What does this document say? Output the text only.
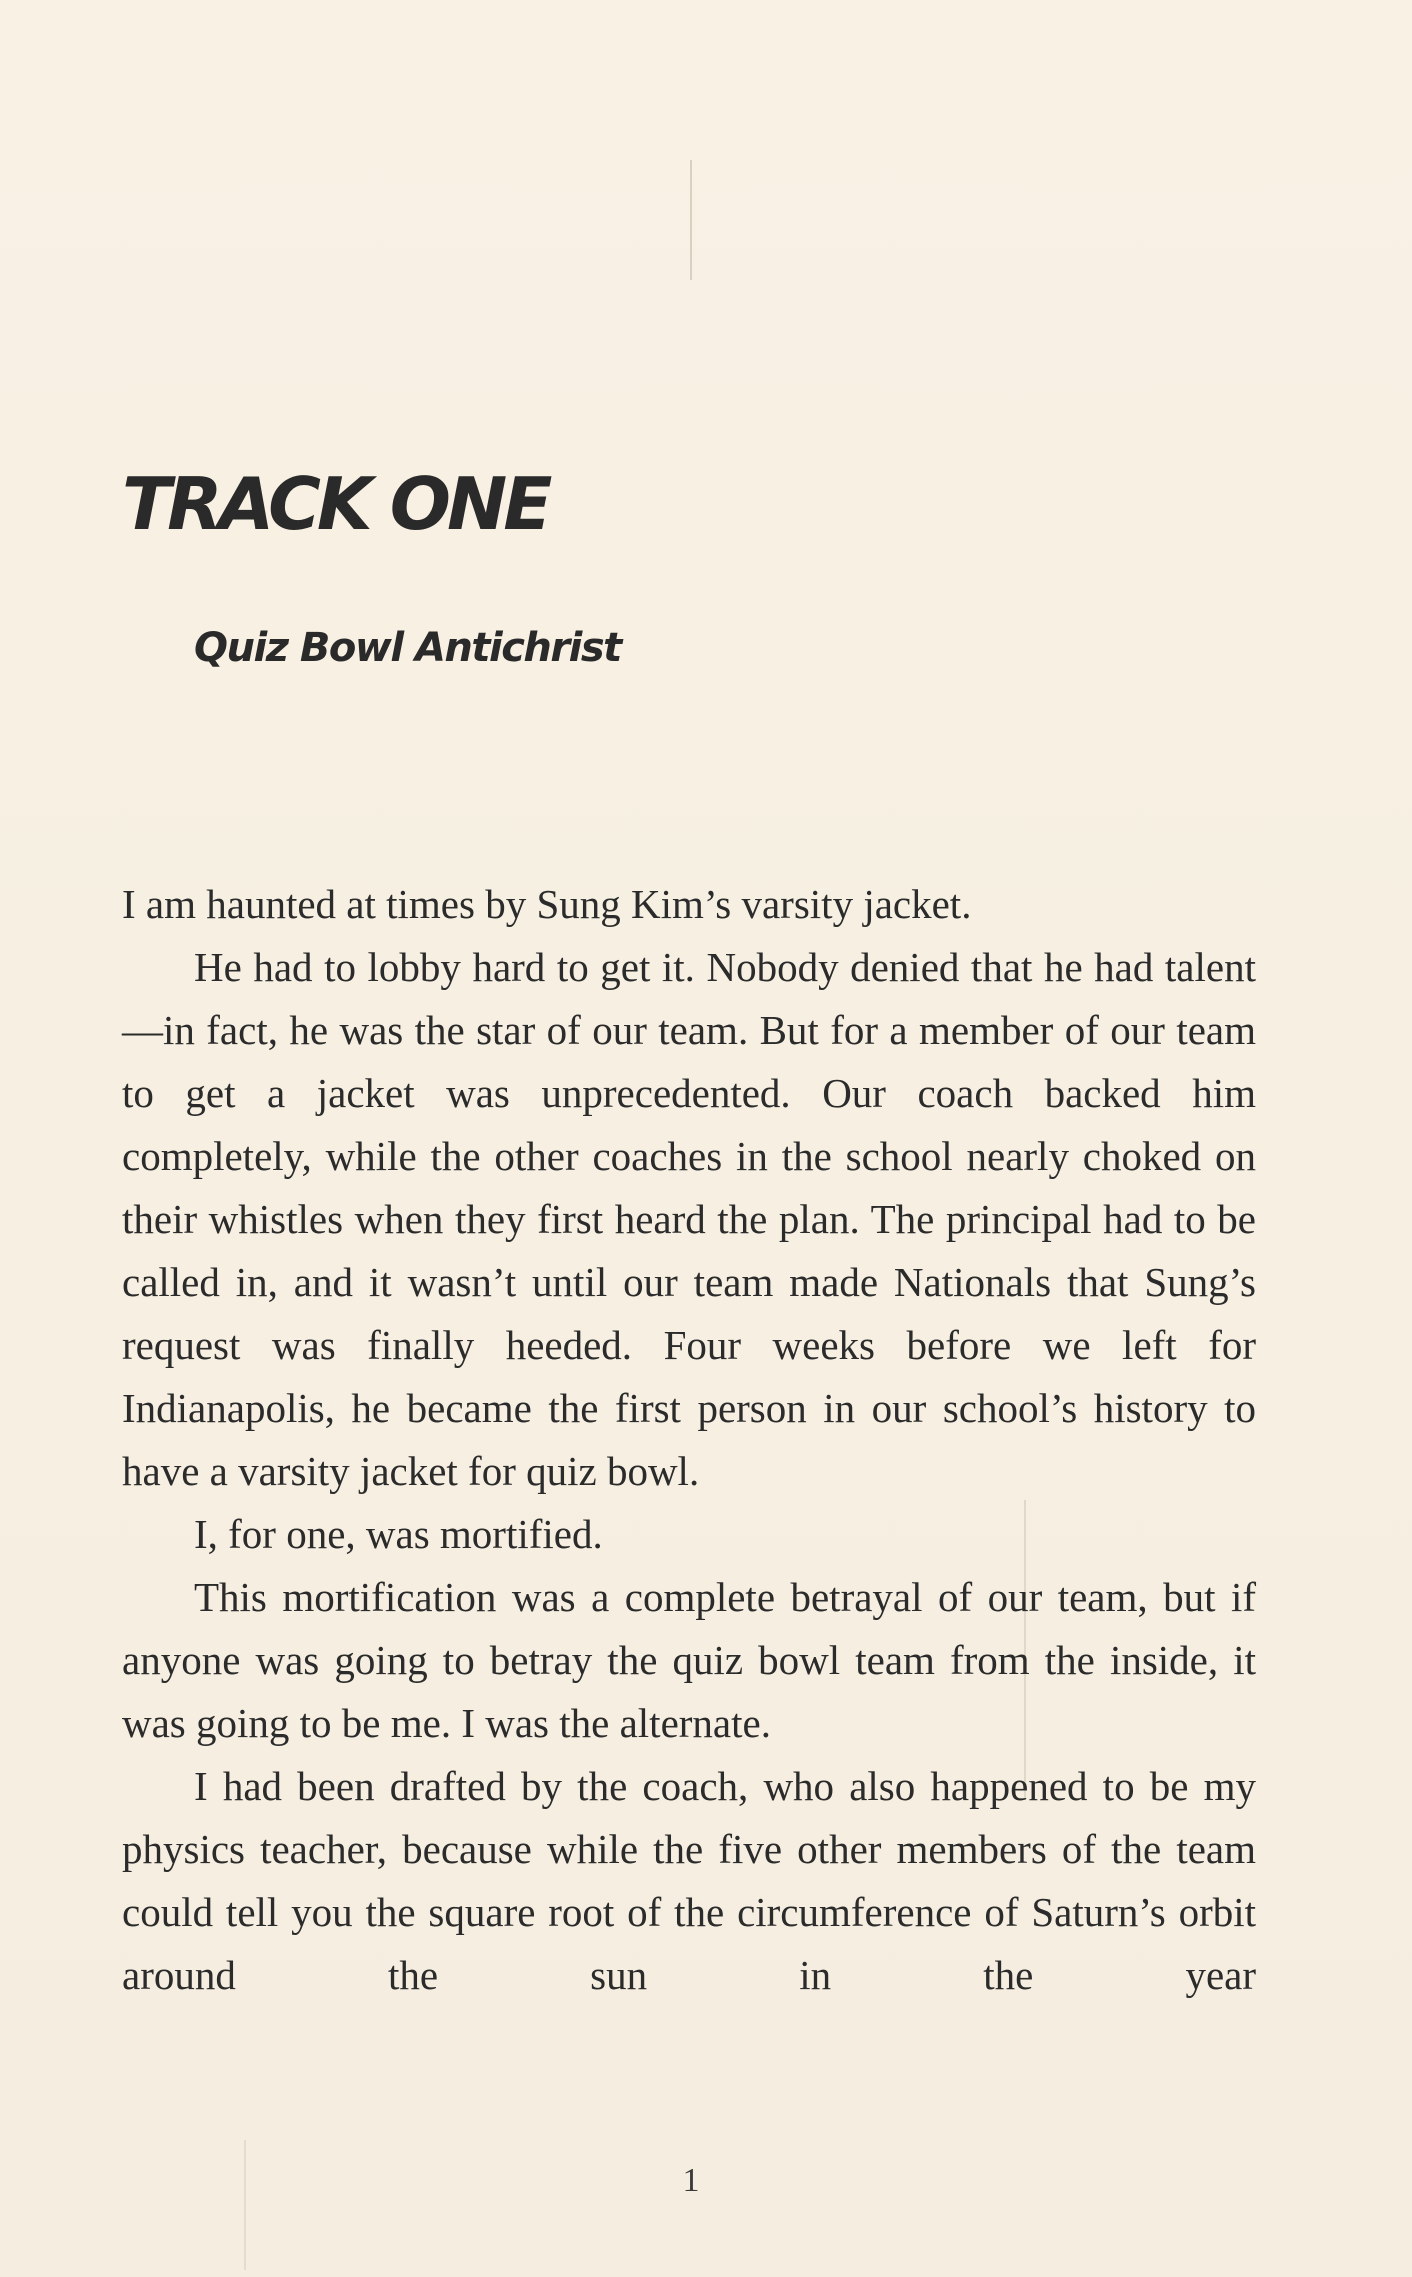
TRACK ONE
Quiz Bowl Antichrist

I am haunted at times by Sung Kim’s varsity jacket.

He had to lobby hard to get it. Nobody denied that he had talent—in fact, he was the star of our team. But for a member of our team to get a jacket was unprecedented. Our coach backed him completely, while the other coaches in the school nearly choked on their whistles when they first heard the plan. The principal had to be called in, and it wasn’t until our team made Nationals that Sung’s request was finally heeded. Four weeks before we left for Indianapolis, he became the first person in our school’s history to have a varsity jacket for quiz bowl.

I, for one, was mortified.

This mortification was a complete betrayal of our team, but if anyone was going to betray the quiz bowl team from the inside, it was going to be me. I was the alternate.

I had been drafted by the coach, who also happened to be my physics teacher, because while the five other members of the team could tell you the square root of the circumference of Saturn’s orbit around the sun in the year

1
